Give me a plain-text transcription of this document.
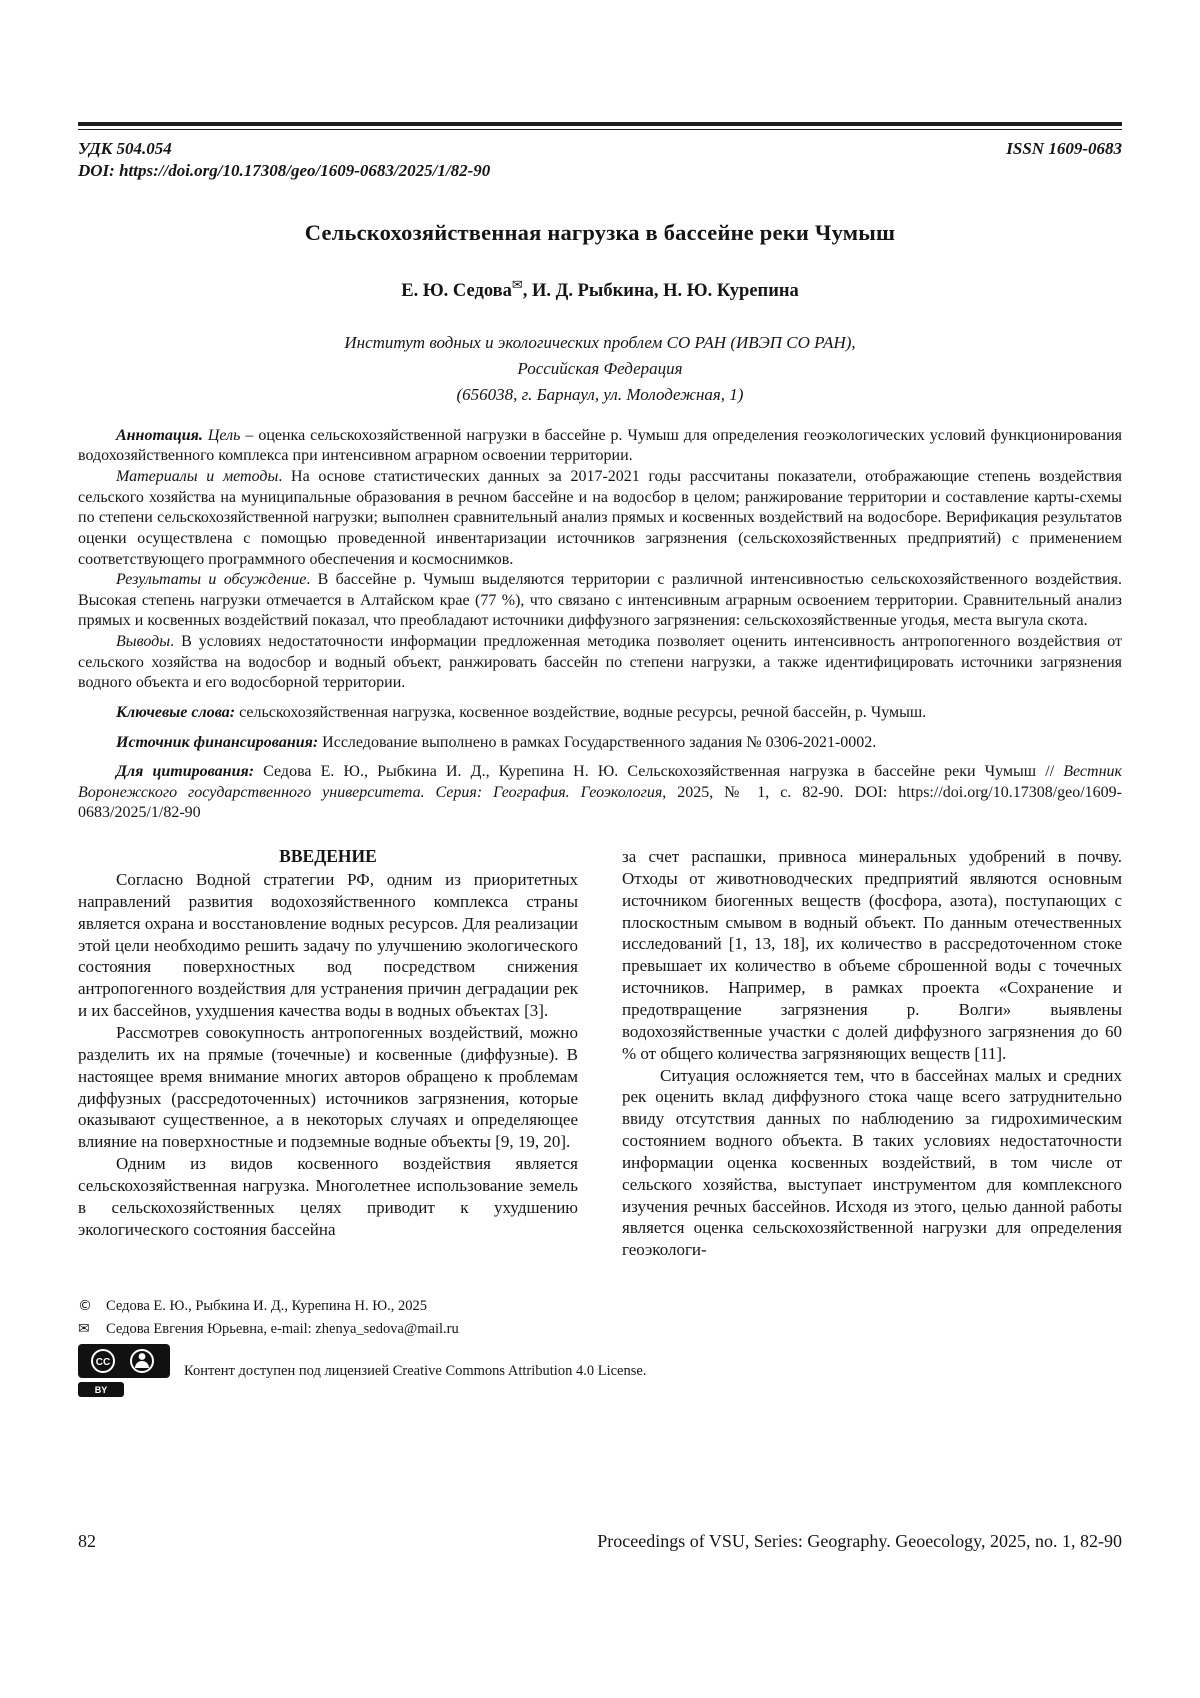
УДК 504.054	ISSN 1609-0683
DOI: https://doi.org/10.17308/geo/1609-0683/2025/1/82-90
Сельскохозяйственная нагрузка в бассейне реки Чумыш
Е. Ю. Седова✉, И. Д. Рыбкина, Н. Ю. Курепина
Институт водных и экологических проблем СО РАН (ИВЭП СО РАН),
Российская Федерация
(656038, г. Барнаул, ул. Молодежная, 1)

Аннотация. Цель – оценка сельскохозяйственной нагрузки в бассейне р. Чумыш для определения геоэкологических условий функционирования водохозяйственного комплекса при интенсивном аграрном освоении территории.

Материалы и методы. На основе статистических данных за 2017-2021 годы рассчитаны показатели, отображающие степень воздействия сельского хозяйства на муниципальные образования в речном бассейне и на водосбор в целом; ранжирование территории и составление карты-схемы по степени сельскохозяйственной нагрузки; выполнен сравнительный анализ прямых и косвенных воздействий на водосборе. Верификация результатов оценки осуществлена с помощью проведенной инвентаризации источников загрязнения (сельскохозяйственных предприятий) с применением соответствующего программного обеспечения и космоснимков.

Результаты и обсуждение. В бассейне р. Чумыш выделяются территории с различной интенсивностью сельскохозяйственного воздействия. Высокая степень нагрузки отмечается в Алтайском крае (77 %), что связано с интенсивным аграрным освоением территории. Сравнительный анализ прямых и косвенных воздействий показал, что преобладают источники диффузного загрязнения: сельскохозяйственные угодья, места выгула скота.

Выводы. В условиях недостаточности информации предложенная методика позволяет оценить интенсивность антропогенного воздействия от сельского хозяйства на водосбор и водный объект, ранжировать бассейн по степени нагрузки, а также идентифицировать источники загрязнения водного объекта и его водосборной территории.

Ключевые слова: сельскохозяйственная нагрузка, косвенное воздействие, водные ресурсы, речной бассейн, р. Чумыш.

Источник финансирования: Исследование выполнено в рамках Государственного задания № 0306-2021-0002.

Для цитирования: Седова Е. Ю., Рыбкина И. Д., Курепина Н. Ю. Сельскохозяйственная нагрузка в бассейне реки Чумыш // Вестник Воронежского государственного университета. Серия: География. Геоэкология, 2025, № 1, с. 82-90. DOI: https://doi.org/10.17308/geo/1609-0683/2025/1/82-90

ВВЕДЕНИЕ

Согласно Водной стратегии РФ, одним из приоритетных направлений развития водохозяйственного комплекса страны является охрана и восстановление водных ресурсов. Для реализации этой цели необходимо решить задачу по улучшению экологического состояния поверхностных вод посредством снижения антропогенного воздействия для устранения причин деградации рек и их бассейнов, ухудшения качества воды в водных объектах [3].

Рассмотрев совокупность антропогенных воздействий, можно разделить их на прямые (точечные) и косвенные (диффузные). В настоящее время внимание многих авторов обращено к проблемам диффузных (рассредоточенных) источников загрязнения, которые оказывают существенное, а в некоторых случаях и определяющее влияние на поверхностные и подземные водные объекты [9, 19, 20].

Одним из видов косвенного воздействия является сельскохозяйственная нагрузка. Многолетнее использование земель в сельскохозяйственных целях приводит к ухудшению экологического состояния бассейна

за счет распашки, привноса минеральных удобрений в почву. Отходы от животноводческих предприятий являются основным источником биогенных веществ (фосфора, азота), поступающих с плоскостным смывом в водный объект. По данным отечественных исследований [1, 13, 18], их количество в рассредоточенном стоке превышает их количество в объеме сброшенной воды с точечных источников. Например, в рамках проекта «Сохранение и предотвращение загрязнения р. Волги» выявлены водохозяйственные участки с долей диффузного загрязнения до 60 % от общего количества загрязняющих веществ [11].

Ситуация осложняется тем, что в бассейнах малых и средних рек оценить вклад диффузного стока чаще всего затруднительно ввиду отсутствия данных по наблюдению за гидрохимическим состоянием водного объекта. В таких условиях недостаточности информации оценка косвенных воздействий, в том числе от сельского хозяйства, выступает инструментом для комплексного изучения речных бассейнов. Исходя из этого, целью данной работы является оценка сельскохозяйственной нагрузки для определения геоэкологи-

© Седова Е. Ю., Рыбкина И. Д., Курепина Н. Ю., 2025
✉	Седова Евгения Юрьевна, e-mail: zhenya_sedova@mail.ru
CC
BY
Контент доступен под лицензией Creative Commons Attribution 4.0 License.
82	Proceedings of VSU, Series: Geography. Geoecology, 2025, no. 1, 82-90
